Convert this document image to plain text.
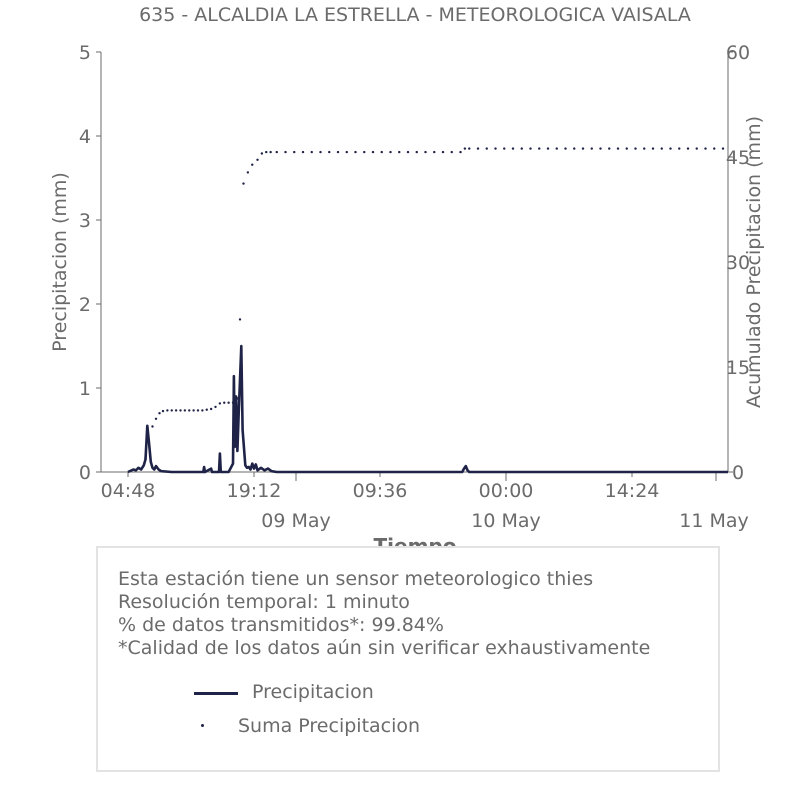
635 - ALCALDIA LA ESTRELLA - METEOROLOGICA VAISALA
0
1
2
3
4
5
0
15
30
45
60
04:48	19:12	09:36	00:00	14:24
09 May	10 May	11 May
Precipitacion (mm)	Acumulado Precipitacion (mm)
Esta estación tiene un sensor meteorologico thies
Resolución temporal: 1 minuto
% de datos transmitidos*: 99.84%
*Calidad de los datos aún sin verificar exhaustivamente
Precipitacion
Suma Precipitacion
